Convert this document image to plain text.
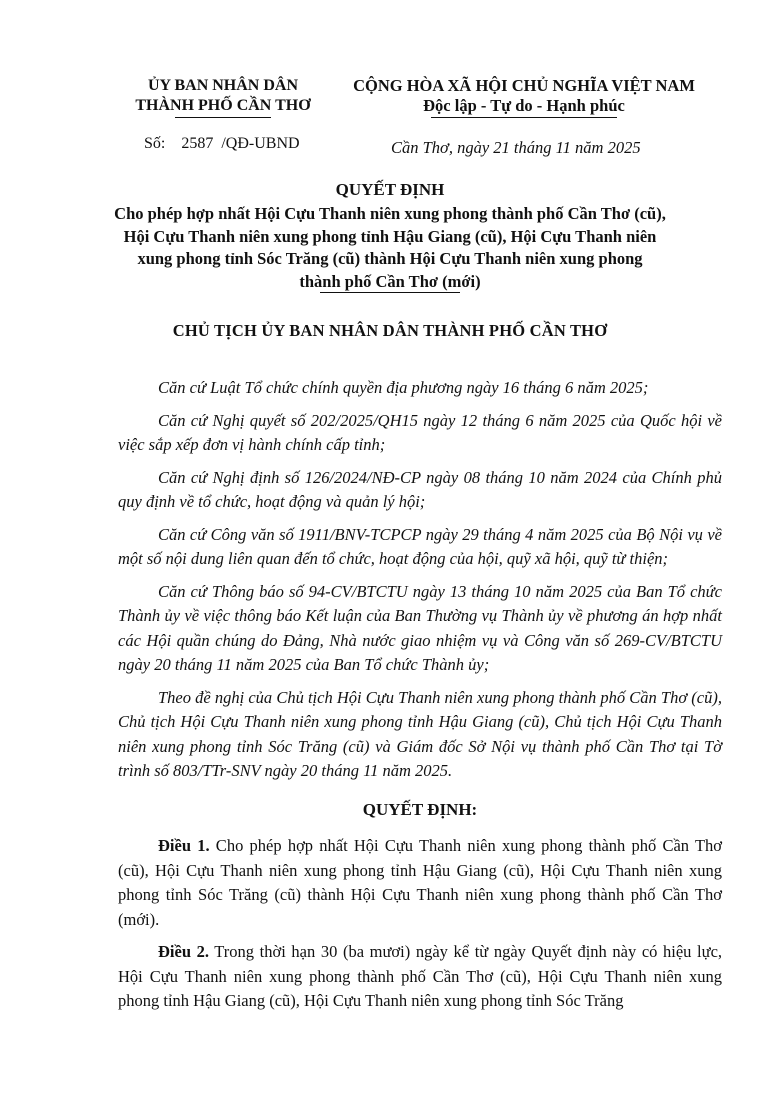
ỦY BAN NHÂN DÂN
THÀNH PHỐ CẦN THƠ
CỘNG HÒA XÃ HỘI CHỦ NGHĨA VIỆT NAM
Độc lập - Tự do - Hạnh phúc
Số: 2587 /QĐ-UBND	Cần Thơ, ngày 21 tháng 11 năm 2025
QUYẾT ĐỊNH
Cho phép hợp nhất Hội Cựu Thanh niên xung phong thành phố Cần Thơ (cũ),
Hội Cựu Thanh niên xung phong tỉnh Hậu Giang (cũ), Hội Cựu Thanh niên
xung phong tỉnh Sóc Trăng (cũ) thành Hội Cựu Thanh niên xung phong
thành phố Cần Thơ (mới)
CHỦ TỊCH ỦY BAN NHÂN DÂN THÀNH PHỐ CẦN THƠ

Căn cứ Luật Tổ chức chính quyền địa phương ngày 16 tháng 6 năm 2025;

Căn cứ Nghị quyết số 202/2025/QH15 ngày 12 tháng 6 năm 2025 của Quốc hội về việc sắp xếp đơn vị hành chính cấp tỉnh;

Căn cứ Nghị định số 126/2024/NĐ-CP ngày 08 tháng 10 năm 2024 của Chính phủ quy định về tổ chức, hoạt động và quản lý hội;

Căn cứ Công văn số 1911/BNV-TCPCP ngày 29 tháng 4 năm 2025 của Bộ Nội vụ về một số nội dung liên quan đến tổ chức, hoạt động của hội, quỹ xã hội, quỹ từ thiện;

Căn cứ Thông báo số 94-CV/BTCTU ngày 13 tháng 10 năm 2025 của Ban Tổ chức Thành ủy về việc thông báo Kết luận của Ban Thường vụ Thành ủy về phương án hợp nhất các Hội quần chúng do Đảng, Nhà nước giao nhiệm vụ và Công văn số 269-CV/BTCTU ngày 20 tháng 11 năm 2025 của Ban Tổ chức Thành ủy;

Theo đề nghị của Chủ tịch Hội Cựu Thanh niên xung phong thành phố Cần Thơ (cũ), Chủ tịch Hội Cựu Thanh niên xung phong tỉnh Hậu Giang (cũ), Chủ tịch Hội Cựu Thanh niên xung phong tỉnh Sóc Trăng (cũ) và Giám đốc Sở Nội vụ thành phố Cần Thơ tại Tờ trình số 803/TTr-SNV ngày 20 tháng 11 năm 2025.

QUYẾT ĐỊNH:

Điều 1. Cho phép hợp nhất Hội Cựu Thanh niên xung phong thành phố Cần Thơ (cũ), Hội Cựu Thanh niên xung phong tỉnh Hậu Giang (cũ), Hội Cựu Thanh niên xung phong tỉnh Sóc Trăng (cũ) thành Hội Cựu Thanh niên xung phong thành phố Cần Thơ (mới).

Điều 2. Trong thời hạn 30 (ba mươi) ngày kể từ ngày Quyết định này có hiệu lực, Hội Cựu Thanh niên xung phong thành phố Cần Thơ (cũ), Hội Cựu Thanh niên xung phong tỉnh Hậu Giang (cũ), Hội Cựu Thanh niên xung phong tỉnh Sóc Trăng
